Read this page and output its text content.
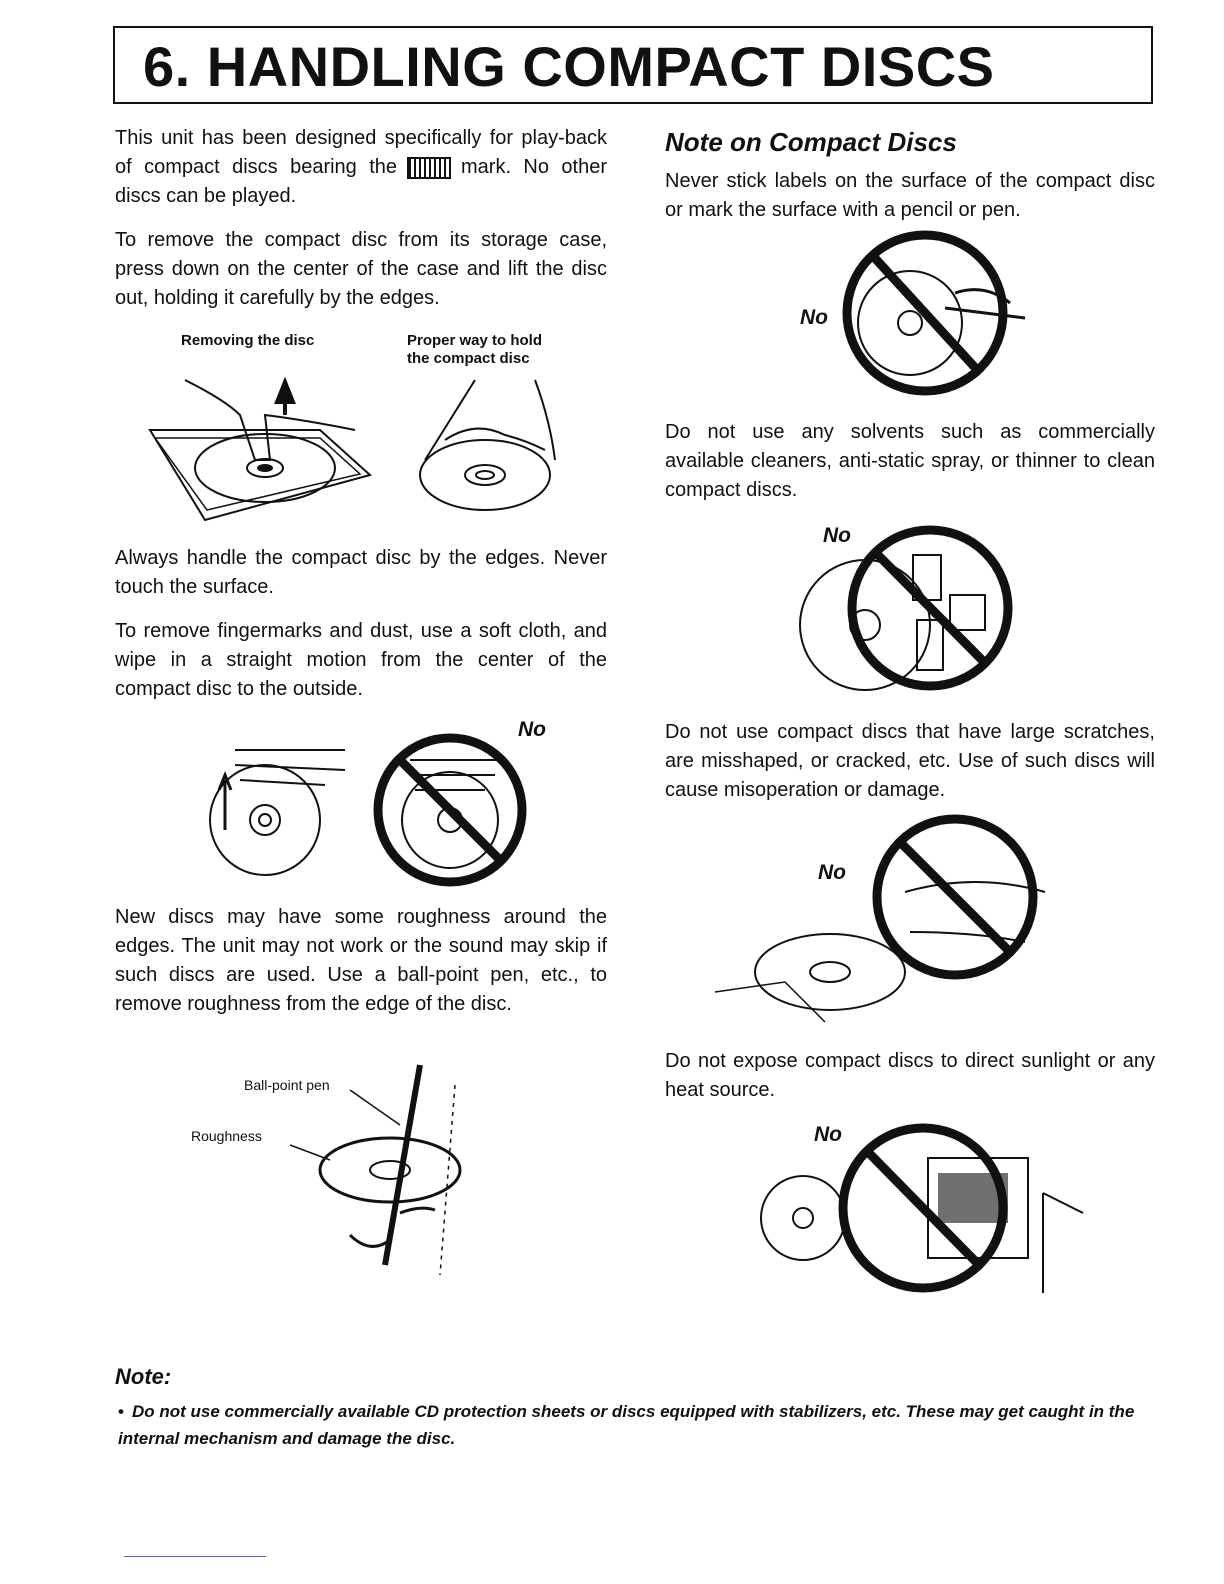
6. HANDLING COMPACT DISCS

This unit has been designed specifically for play-back of compact discs bearing the	mark. No other discs can be played.

To remove the compact disc from its storage case, press down on the center of the case and lift the disc out, holding it carefully by the edges.

Removing the disc	Proper way to hold
the compact disc

Always handle the compact disc by the edges. Never touch the surface.

To remove fingermarks and dust, use a soft cloth, and wipe in a straight motion from the center of the compact disc to the outside.

No

New discs may have some roughness around the edges. The unit may not work or the sound may skip if such discs are used. Use a ball-point pen, etc., to remove roughness from the edge of the disc.

Ball-point pen
Roughness
Note on Compact Discs

Never stick labels on the surface of the compact disc or mark the surface with a pencil or pen.

No

Do not use any solvents such as commercially available cleaners, anti-static spray, or thinner to clean compact discs.

No

Do not use compact discs that have large scratches, are misshaped, or cracked, etc. Use of such discs will cause misoperation or damage.

No

Do not expose compact discs to direct sunlight or any heat source.

No
Note:

• Do not use commercially available CD protection sheets or discs equipped with stabilizers, etc. These may get caught in the internal mechanism and damage the disc.
